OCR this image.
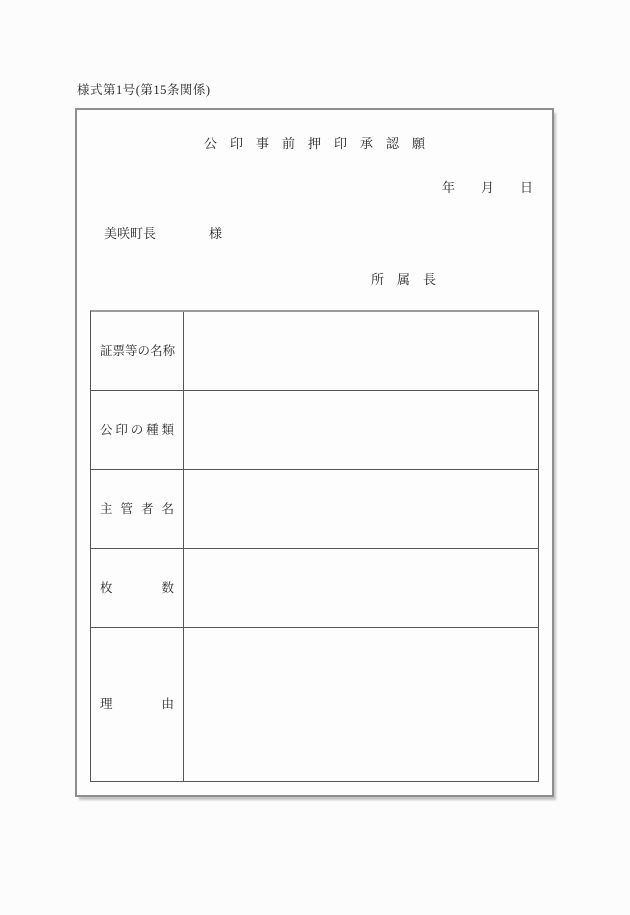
様式第1号(第15条関係)
公　印　事　前　押　印　承　認　願
年　　月　　日
美咲町長	様
所　属　長
証 票 等 の 名 称
公 印 の 種 類
主 管 者 名
枚	数
理	由
